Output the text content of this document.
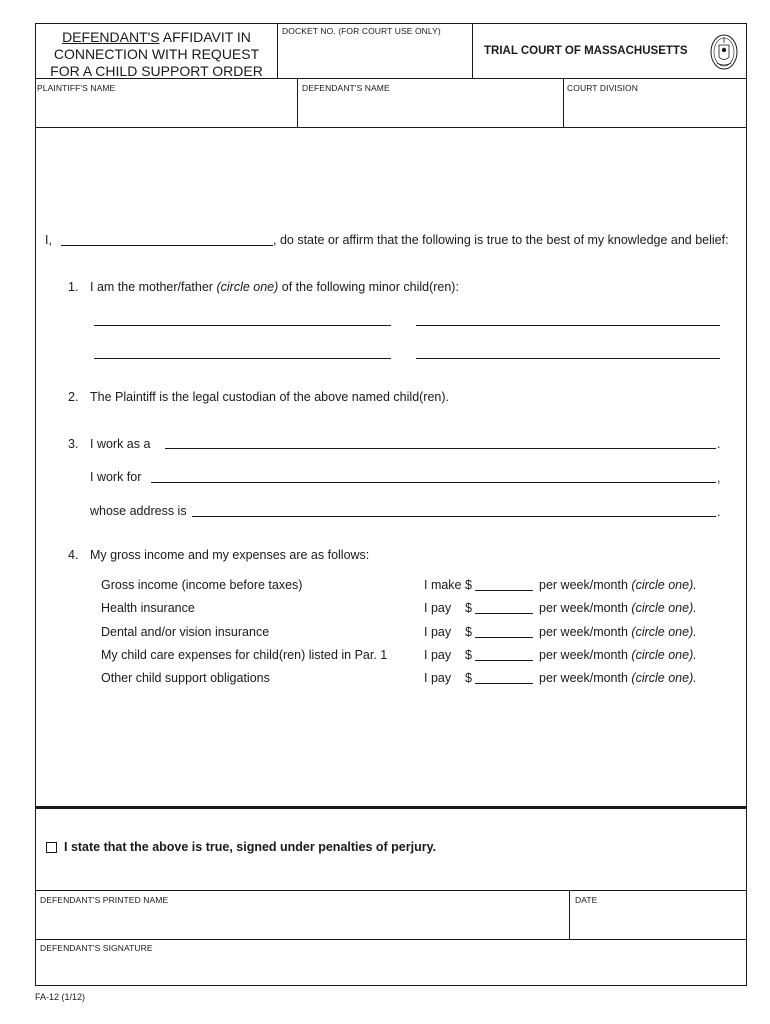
DEFENDANT'S AFFIDAVIT IN
CONNECTION WITH REQUEST
FOR A CHILD SUPPORT ORDER
DOCKET NO. (FOR COURT USE ONLY)
TRIAL COURT OF MASSACHUSETTS
PLAINTIFF'S NAME	DEFENDANT'S NAME	COURT DIVISION
I,	, do state or affirm that the following is true to the best of my knowledge and belief:
1. I am the mother/father (circle one) of the following minor child(ren):
2. The Plaintiff is the legal custodian of the above named child(ren).
3. I work as a	.
I work for	,
whose address is	.
4. My gross income and my expenses are as follows:
Gross income (income before taxes)	I make $	per week/month (circle one).
Health insurance	I pay    $	per week/month (circle one).
Dental and/or vision insurance	I pay    $	per week/month (circle one).
My child care expenses for child(ren) listed in Par. 1	I pay    $	per week/month (circle one).
Other child support obligations	I pay    $	per week/month (circle one).
I state that the above is true, signed under penalties of perjury.
DEFENDANT'S PRINTED NAME	DATE
DEFENDANT'S SIGNATURE
FA-12 (1/12)
